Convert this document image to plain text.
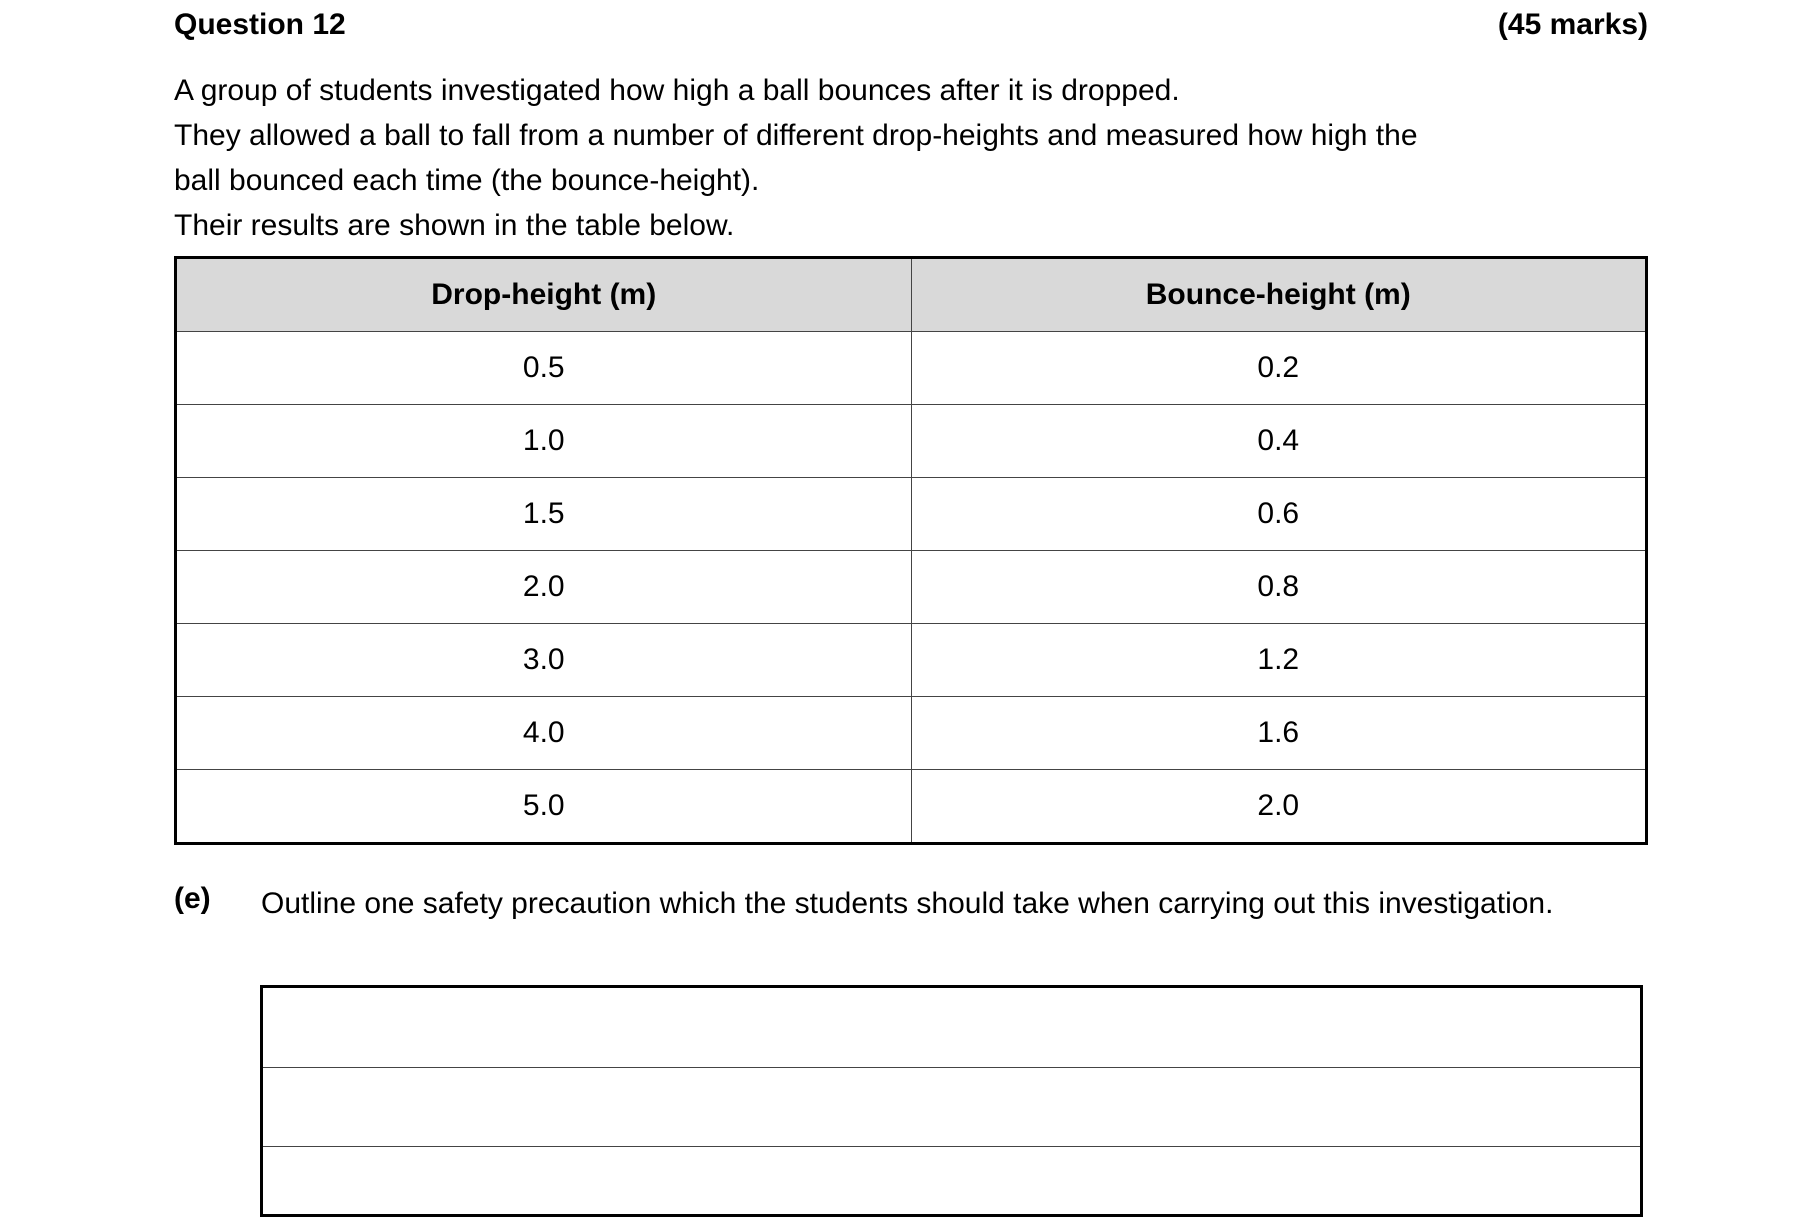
Question 12	(45 marks)
A group of students investigated how high a ball bounces after it is dropped.
They allowed a ball to fall from a number of different drop-heights and measured how high the
ball bounced each time (the bounce-height).
Their results are shown in the table below.
Drop-height (m)	Bounce-height (m)
0.5	0.2
1.0	0.4
1.5	0.6
2.0	0.8
3.0	1.2
4.0	1.6
5.0	2.0
(e) Outline one safety precaution which the students should take when carrying out this investigation.
